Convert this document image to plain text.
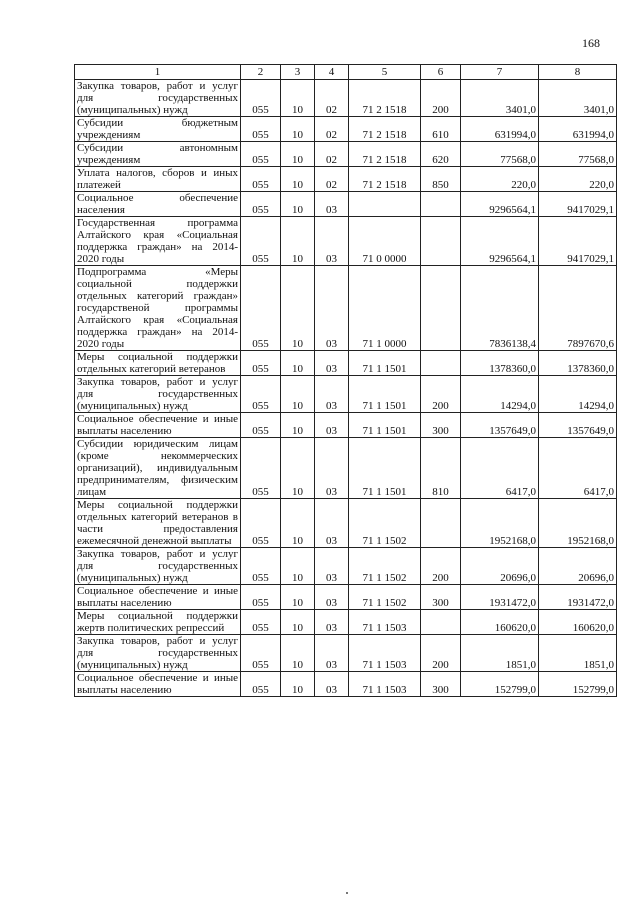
168
1	2	3	4	5	6	7	8
Закупка товаров, работ и услуг для государственных (муниципальных) нужд	055	10	02	71 2 1518	200	3401,0	3401,0
Субсидии бюджетным учреждениям	055	10	02	71 2 1518	610	631994,0	631994,0
Субсидии автономным учреждениям	055	10	02	71 2 1518	620	77568,0	77568,0
Уплата налогов, сборов и иных платежей	055	10	02	71 2 1518	850	220,0	220,0
Социальное обеспечение населения	055	10	03			9296564,1	9417029,1
Государственная программа Алтайского края «Социальная поддержка граждан» на 2014-2020 годы	055	10	03	71 0 0000		9296564,1	9417029,1
Подпрограмма «Меры социальной поддержки отдельных категорий граждан» государственой программы Алтайского края «Социальная поддержка граждан» на 2014-2020 годы	055	10	03	71 1 0000		7836138,4	7897670,6
Меры социальной поддержки отдельных категорий ветеранов	055	10	03	71 1 1501		1378360,0	1378360,0
Закупка товаров, работ и услуг для государственных (муниципальных) нужд	055	10	03	71 1 1501	200	14294,0	14294,0
Социальное обеспечение и иные выплаты населению	055	10	03	71 1 1501	300	1357649,0	1357649,0
Субсидии юридическим лицам (кроме некоммерческих организаций), индивидуальным предпринимателям, физическим лицам	055	10	03	71 1 1501	810	6417,0	6417,0
Меры социальной поддержки отдельных категорий ветеранов в части предоставления ежемесячной денежной выплаты	055	10	03	71 1 1502		1952168,0	1952168,0
Закупка товаров, работ и услуг для государственных (муниципальных) нужд	055	10	03	71 1 1502	200	20696,0	20696,0
Социальное обеспечение и иные выплаты населению	055	10	03	71 1 1502	300	1931472,0	1931472,0
Меры социальной поддержки жертв политических репрессий	055	10	03	71 1 1503		160620,0	160620,0
Закупка товаров, работ и услуг для государственных (муниципальных) нужд	055	10	03	71 1 1503	200	1851,0	1851,0
Социальное обеспечение и иные выплаты населению	055	10	03	71 1 1503	300	152799,0	152799,0
